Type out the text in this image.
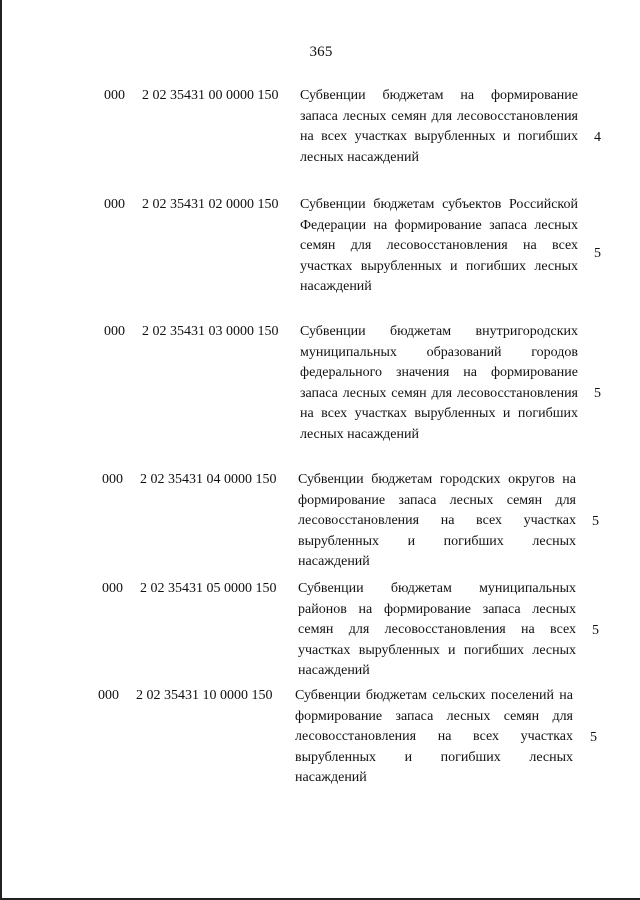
365
000 2 02 35431 00 0000 150 Субвенции бюджетам на формирование запаса лесных семян для лесовосстановления на всех участках вырубленных и погибших лесных насаждений
4
000 2 02 35431 02 0000 150 Субвенции бюджетам субъектов Российской Федерации на формирование запаса лесных семян для лесовосстановления на всех участках вырубленных и погибших лесных насаждений
5
000 2 02 35431 03 0000 150 Субвенции бюджетам внутригородских муниципальных образований городов федерального значения на формирование запаса лесных семян для лесовосстановления на всех участках вырубленных и погибших лесных насаждений
5
000 2 02 35431 04 0000 150 Субвенции бюджетам городских округов на формирование запаса лесных семян для лесовосстановления на всех участках вырубленных и погибших лесных насаждений
5
000 2 02 35431 05 0000 150 Субвенции бюджетам муниципальных районов на формирование запаса лесных семян для лесовосстановления на всех участках вырубленных и погибших лесных насаждений
5
000 2 02 35431 10 0000 150 Субвенции бюджетам сельских поселений на формирование запаса лесных семян для лесовосстановления на всех участках вырубленных и погибших лесных насаждений
5
